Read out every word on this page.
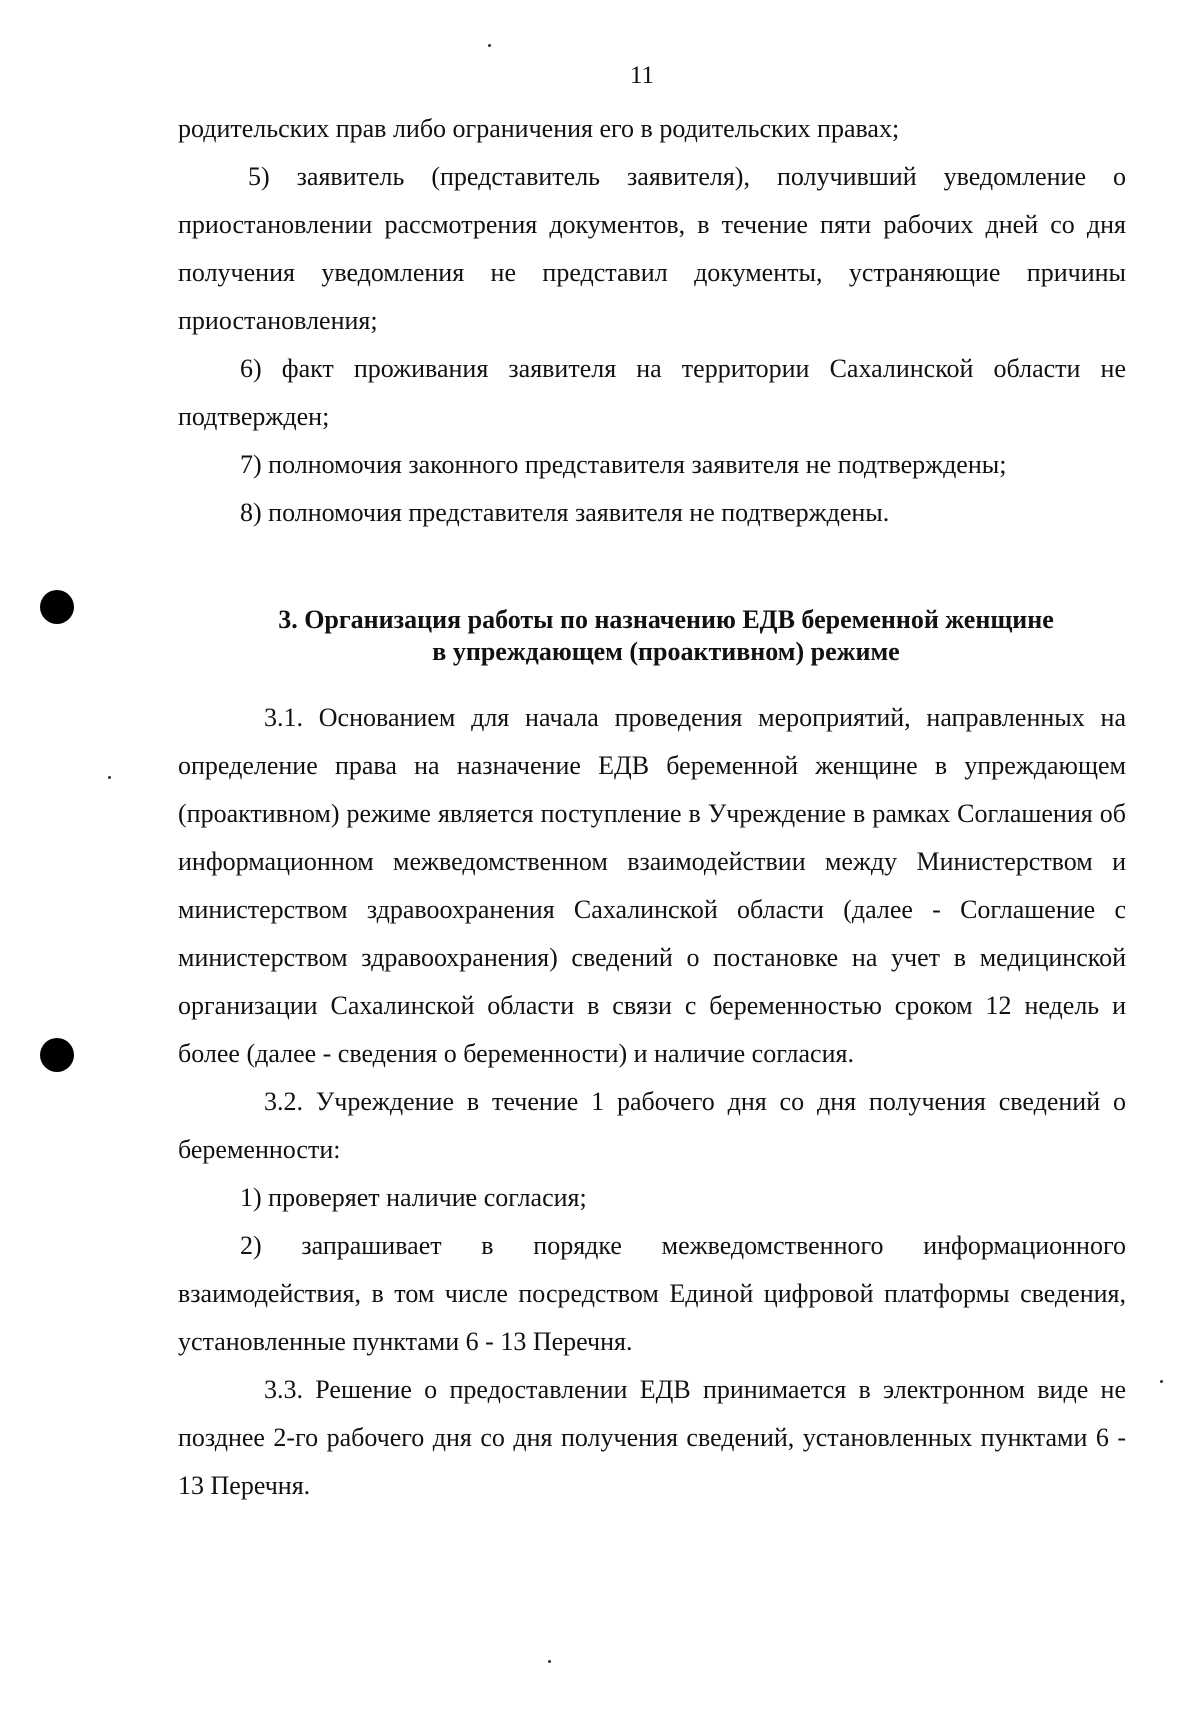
11

родительских прав либо ограничения его в родительских правах;

5) заявитель (представитель заявителя), получивший уведомление о приостановлении рассмотрения документов, в течение пяти рабочих дней со дня получения уведомления не представил документы, устраняющие причины приостановления;

6) факт проживания заявителя на территории Сахалинской области не подтвержден;

7) полномочия законного представителя заявителя не подтверждены;

8) полномочия представителя заявителя не подтверждены.

3. Организация работы по назначению ЕДВ беременной женщине
в упреждающем (проактивном) режиме

3.1. Основанием для начала проведения мероприятий, направленных на определение права на назначение ЕДВ беременной женщине в упреждающем (проактивном) режиме является поступление в Учреждение в рамках Соглашения об информационном межведомственном взаимодействии между Министерством и министерством здравоохранения Сахалинской области (далее - Соглашение с министерством здравоохранения) сведений о постановке на учет в медицинской организации Сахалинской области в связи с беременностью сроком 12 недель и более (далее - сведения о беременности) и наличие согласия.

3.2. Учреждение в течение 1 рабочего дня со дня получения сведений о беременности:

1) проверяет наличие согласия;

2) запрашивает в порядке межведомственного информационного взаимодействия, в том числе посредством Единой цифровой платформы сведения, установленные пунктами 6 - 13 Перечня.

3.3. Решение о предоставлении ЕДВ принимается в электронном виде не позднее 2-го рабочего дня со дня получения сведений, установленных пунктами 6 - 13 Перечня.
